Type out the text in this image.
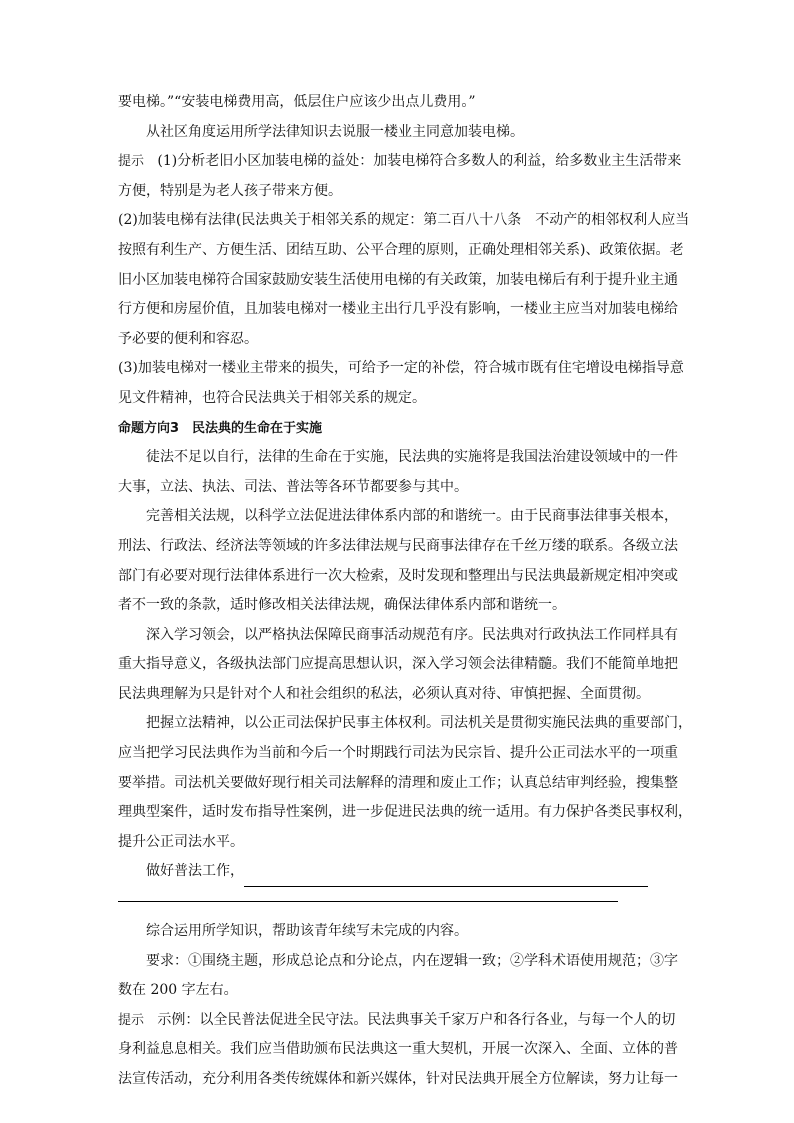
要电梯。”“安装电梯费用高，低层住户应该少出点儿费用。”
从社区角度运用所学法律知识去说服一楼业主同意加装电梯。
提示 (1)分析老旧小区加装电梯的益处：加装电梯符合多数人的利益，给多数业主生活带来
方便，特别是为老人孩子带来方便。
(2)加装电梯有法律(民法典关于相邻关系的规定：第二百八十八条　不动产的相邻权利人应当
按照有利生产、方便生活、团结互助、公平合理的原则，正确处理相邻关系)、政策依据。老
旧小区加装电梯符合国家鼓励安装生活使用电梯的有关政策，加装电梯后有利于提升业主通
行方便和房屋价值，且加装电梯对一楼业主出行几乎没有影响，一楼业主应当对加装电梯给
予必要的便利和容忍。
(3)加装电梯对一楼业主带来的损失，可给予一定的补偿，符合城市既有住宅增设电梯指导意
见文件精神，也符合民法典关于相邻关系的规定。
命题方向3　民法典的生命在于实施
徒法不足以自行，法律的生命在于实施，民法典的实施将是我国法治建设领域中的一件
大事，立法、执法、司法、普法等各环节都要参与其中。
完善相关法规，以科学立法促进法律体系内部的和谐统一。由于民商事法律事关根本，
刑法、行政法、经济法等领域的许多法律法规与民商事法律存在千丝万缕的联系。各级立法
部门有必要对现行法律体系进行一次大检索，及时发现和整理出与民法典最新规定相冲突或
者不一致的条款，适时修改相关法律法规，确保法律体系内部和谐统一。
深入学习领会，以严格执法保障民商事活动规范有序。民法典对行政执法工作同样具有
重大指导意义，各级执法部门应提高思想认识，深入学习领会法律精髓。我们不能简单地把
民法典理解为只是针对个人和社会组织的私法，必须认真对待、审慎把握、全面贯彻。
把握立法精神，以公正司法保护民事主体权利。司法机关是贯彻实施民法典的重要部门，
应当把学习民法典作为当前和今后一个时期践行司法为民宗旨、提升公正司法水平的一项重
要举措。司法机关要做好现行相关司法解释的清理和废止工作；认真总结审判经验，搜集整
理典型案件，适时发布指导性案例，进一步促进民法典的统一适用。有力保护各类民事权利，
提升公正司法水平。
做好普法工作，
综合运用所学知识，帮助该青年续写未完成的内容。
要求：①围绕主题，形成总论点和分论点，内在逻辑一致；②学科术语使用规范；③字
数在 200 字左右。
提示 示例：以全民普法促进全民守法。民法典事关千家万户和各行各业，与每一个人的切
身利益息息相关。我们应当借助颁布民法典这一重大契机，开展一次深入、全面、立体的普
法宣传活动，充分利用各类传统媒体和新兴媒体，针对民法典开展全方位解读，努力让每一
